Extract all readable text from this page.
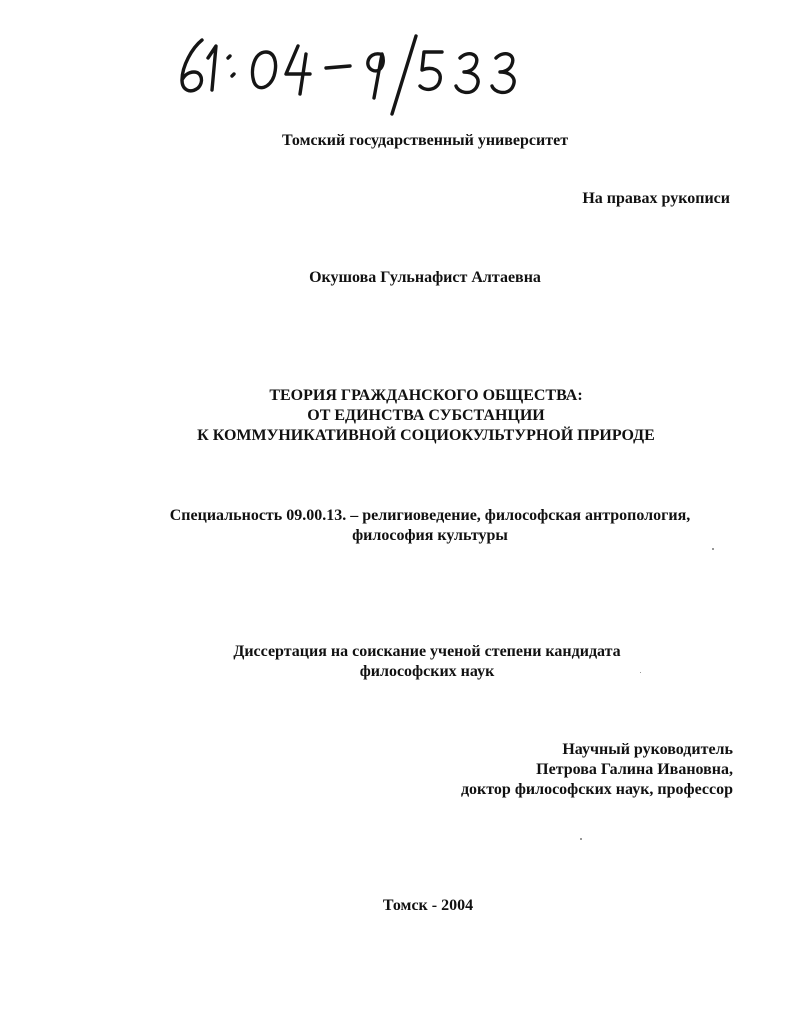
Томский государственный университет
На правах рукописи
Окушова Гульнафист Алтаевна
ТЕОРИЯ ГРАЖДАНСКОГО ОБЩЕСТВА:
ОТ ЕДИНСТВА СУБСТАНЦИИ
К КОММУНИКАТИВНОЙ СОЦИОКУЛЬТУРНОЙ ПРИРОДЕ
Специальность 09.00.13. – религиоведение, философская антропология,
философия культуры
Диссертация на соискание ученой степени кандидата
философских наук
Научный руководитель
Петрова Галина Ивановна,
доктор философских наук, профессор
Томск - 2004
